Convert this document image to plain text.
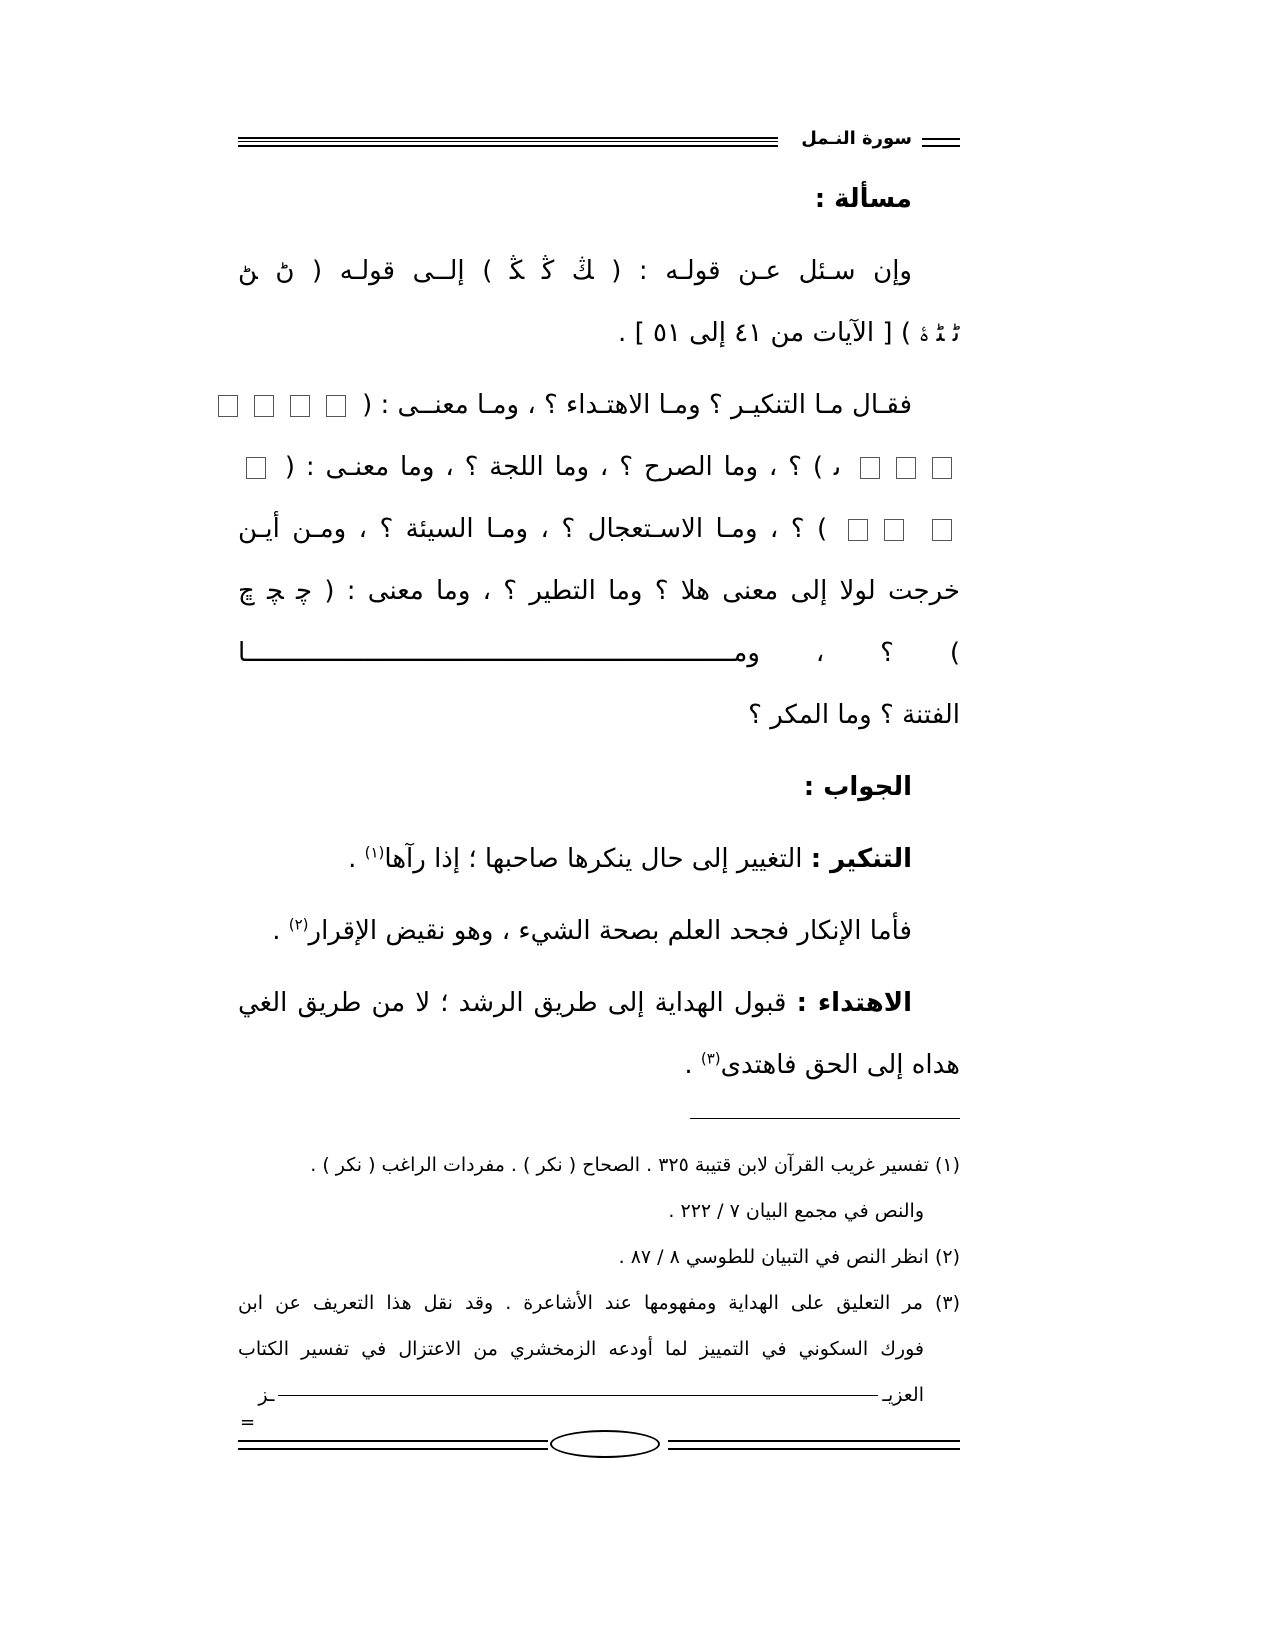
سورة النـمل
مسألة :
وإن سـئل عـن قولـه : ( ﯔ ﯕ ﯖ ) إلــى قولـه ( ﮠ ﮡ
ﮢ ﮣ ﮤ ) [ الآيات من ٤١ إلى ٥١ ] .
فقـال مـا التنكيـر ؟ ومـا الاهتـداء ؟ ، ومـا معنــى : (
ﯨ ) ؟ ، وما الصرح ؟ ، وما اللجة ؟ ، وما معنـى : (
) ؟ ، ومـا الاسـتعجال ؟ ، ومـا السيئة ؟ ، ومـن أيـن
خرجت لولا إلى معنى هلا ؟ وما التطير ؟ ، وما معنى : ( ﭼ ﭽ ﭾ
) ؟ ، ومــــــــــــــــــــــــــــــــــــــــــــــــــــــــــــــــا
الفتنة ؟ وما المكر ؟
الجواب :
التنكير : التغيير إلى حال ينكرها صاحبها ؛ إذا رآها$^{(١)}$ .
فأما الإنكار فجحد العلم بصحة الشيء ، وهو نقيض الإقرار$^{(٢)}$ .
الاهتداء : قبول الهداية إلى طريق الرشد ؛ لا من طريق الغي
هداه إلى الحق فاهتدى$^{(٣)}$ .
(١) تفسير غريب القرآن لابن قتيبة ٣٢٥ . الصحاح ( نكر ) . مفردات الراغب ( نكر ) .
والنص في مجمع البيان ٧ / ٢٢٢ .
(٢) انظر النص في التبيان للطوسي ٨ / ٨٧ .
(٣) مر التعليق على الهداية ومفهومها عند الأشاعرة . وقد نقل هذا التعريف عن ابن
فورك السكوني في التمييز لما أودعه الزمخشري من الاعتزال في تفسير الكتاب
العزيــز
=
